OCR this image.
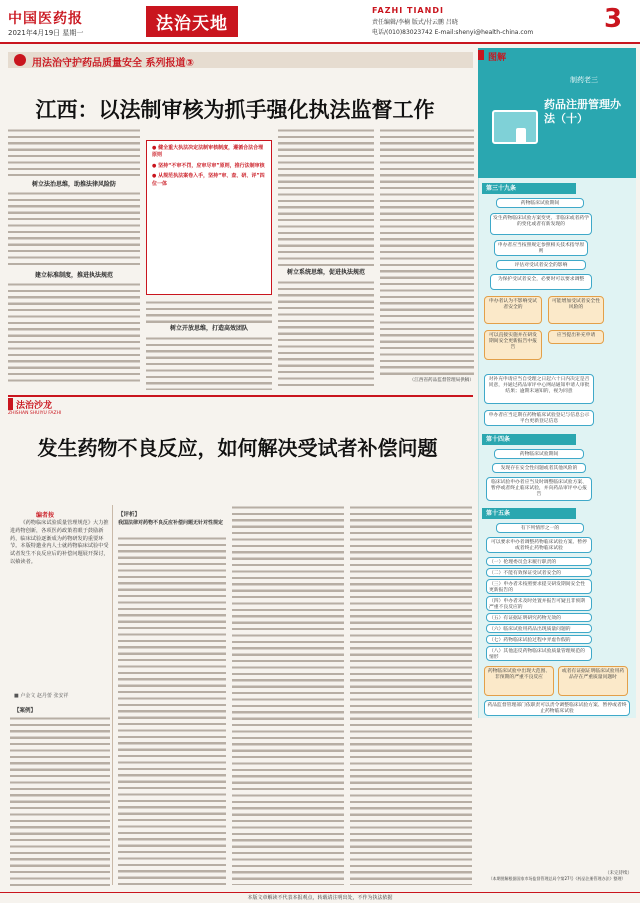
中国医药报
2021年4月19日 星期一	法治天地
FAZHI TIANDI
责任编辑/李楠 版式/付云鹏 吕晓
电话/(010)83023742 E-mail:shenyi@health-china.com	3
用法治守护药品质量安全 系列报道③
江西：以法制审核为抓手强化执法监督工作
树立法治思维，助推法律风险防
建立标准制度，推进执法规范

● 健全重大执法决定法制审核制度，遵循合法合理原则

● 坚持“不审不罚，应审尽审”原则，推行法制审核

● 从规范执法案卷入手，坚持“审、查、研、评”四位一体

树立开放思维，打造高效团队
树立系统思维，促进执法规范
（江西省药品监督管理局供稿）
图解
制药老三
药品注册管理办法（十）
第三十九条
药物临床试验期间
发生药物临床试验方案变更、非临床或者药学的变化或者有新发现的
申办者应当按照规定参照相关技术指导原则
评估对受试者安全的影响
为保护受试者安全，必要时可以要求调整
申办者认为不影响受试者安全的
可以直接实施并在研发期间安全更新报告中报告
可能增加受试者安全性风险的
应当提出补充申请
对补充申请应当自受理之日起六十日内决定是否同意，并通过药品审评中心网站通知申请人审批结果；逾期未通知的，视为同意
申办者应当定期在药物临床试验登记与信息公示平台更新登记信息
第十四条
药物临床试验期间
发现存在安全性问题或者其他风险的
临床试验申办者应当及时调整临床试验方案、暂停或者终止临床试验，并向药品审评中心报告
第十五条
有下列情形之一的
可以要求申办者调整药物临床试验方案、暂停或者终止药物临床试验
（一）伦理委员会未履行职责的
（二）不能有效保证受试者安全的
（三）申办者未按照要求提交研发期间安全性更新报告的
（四）申办者未及时处置并报告可疑且非预期严重不良反应的
（五）有证据证明研究药物无效的
（六）临床试验用药品出现质量问题的
（七）药物临床试验过程中弄虚作假的
（八）其他违反药物临床试验质量管理规范的情形
药物临床试验中出现大范围、非预期的严重不良反应
或者有证据证明临床试验用药品存在严重质量问题时
药品监督管理部门依职责可以责令调整临床试验方案、暂停或者终止药物临床试验
法治沙龙
ZHISHAN SHUIYU FAZHI
发生药物不良反应，如何解决受试者补偿问题
编者按

《药物临床试验质量管理规范》大力推进药物创新，各项医药政策着眼于鼓励新药，临床试验逐渐成为药物研发的重要环节。本版特邀业内人士就药物临床试验中受试者发生不良反应后的补偿问题展开探讨，以飨读者。

■ 卢金文 赵丹蕾 张安祥
【案例】
【评析】
我国法律对药物不良反应补偿问题无针对性规定
（未完待续）
（本期图解根据国家市场监督管理总局令第27号《药品注册管理办法》整理）
本版文章解读不代表本报观点，转载请注明出处，不作为执法依据
